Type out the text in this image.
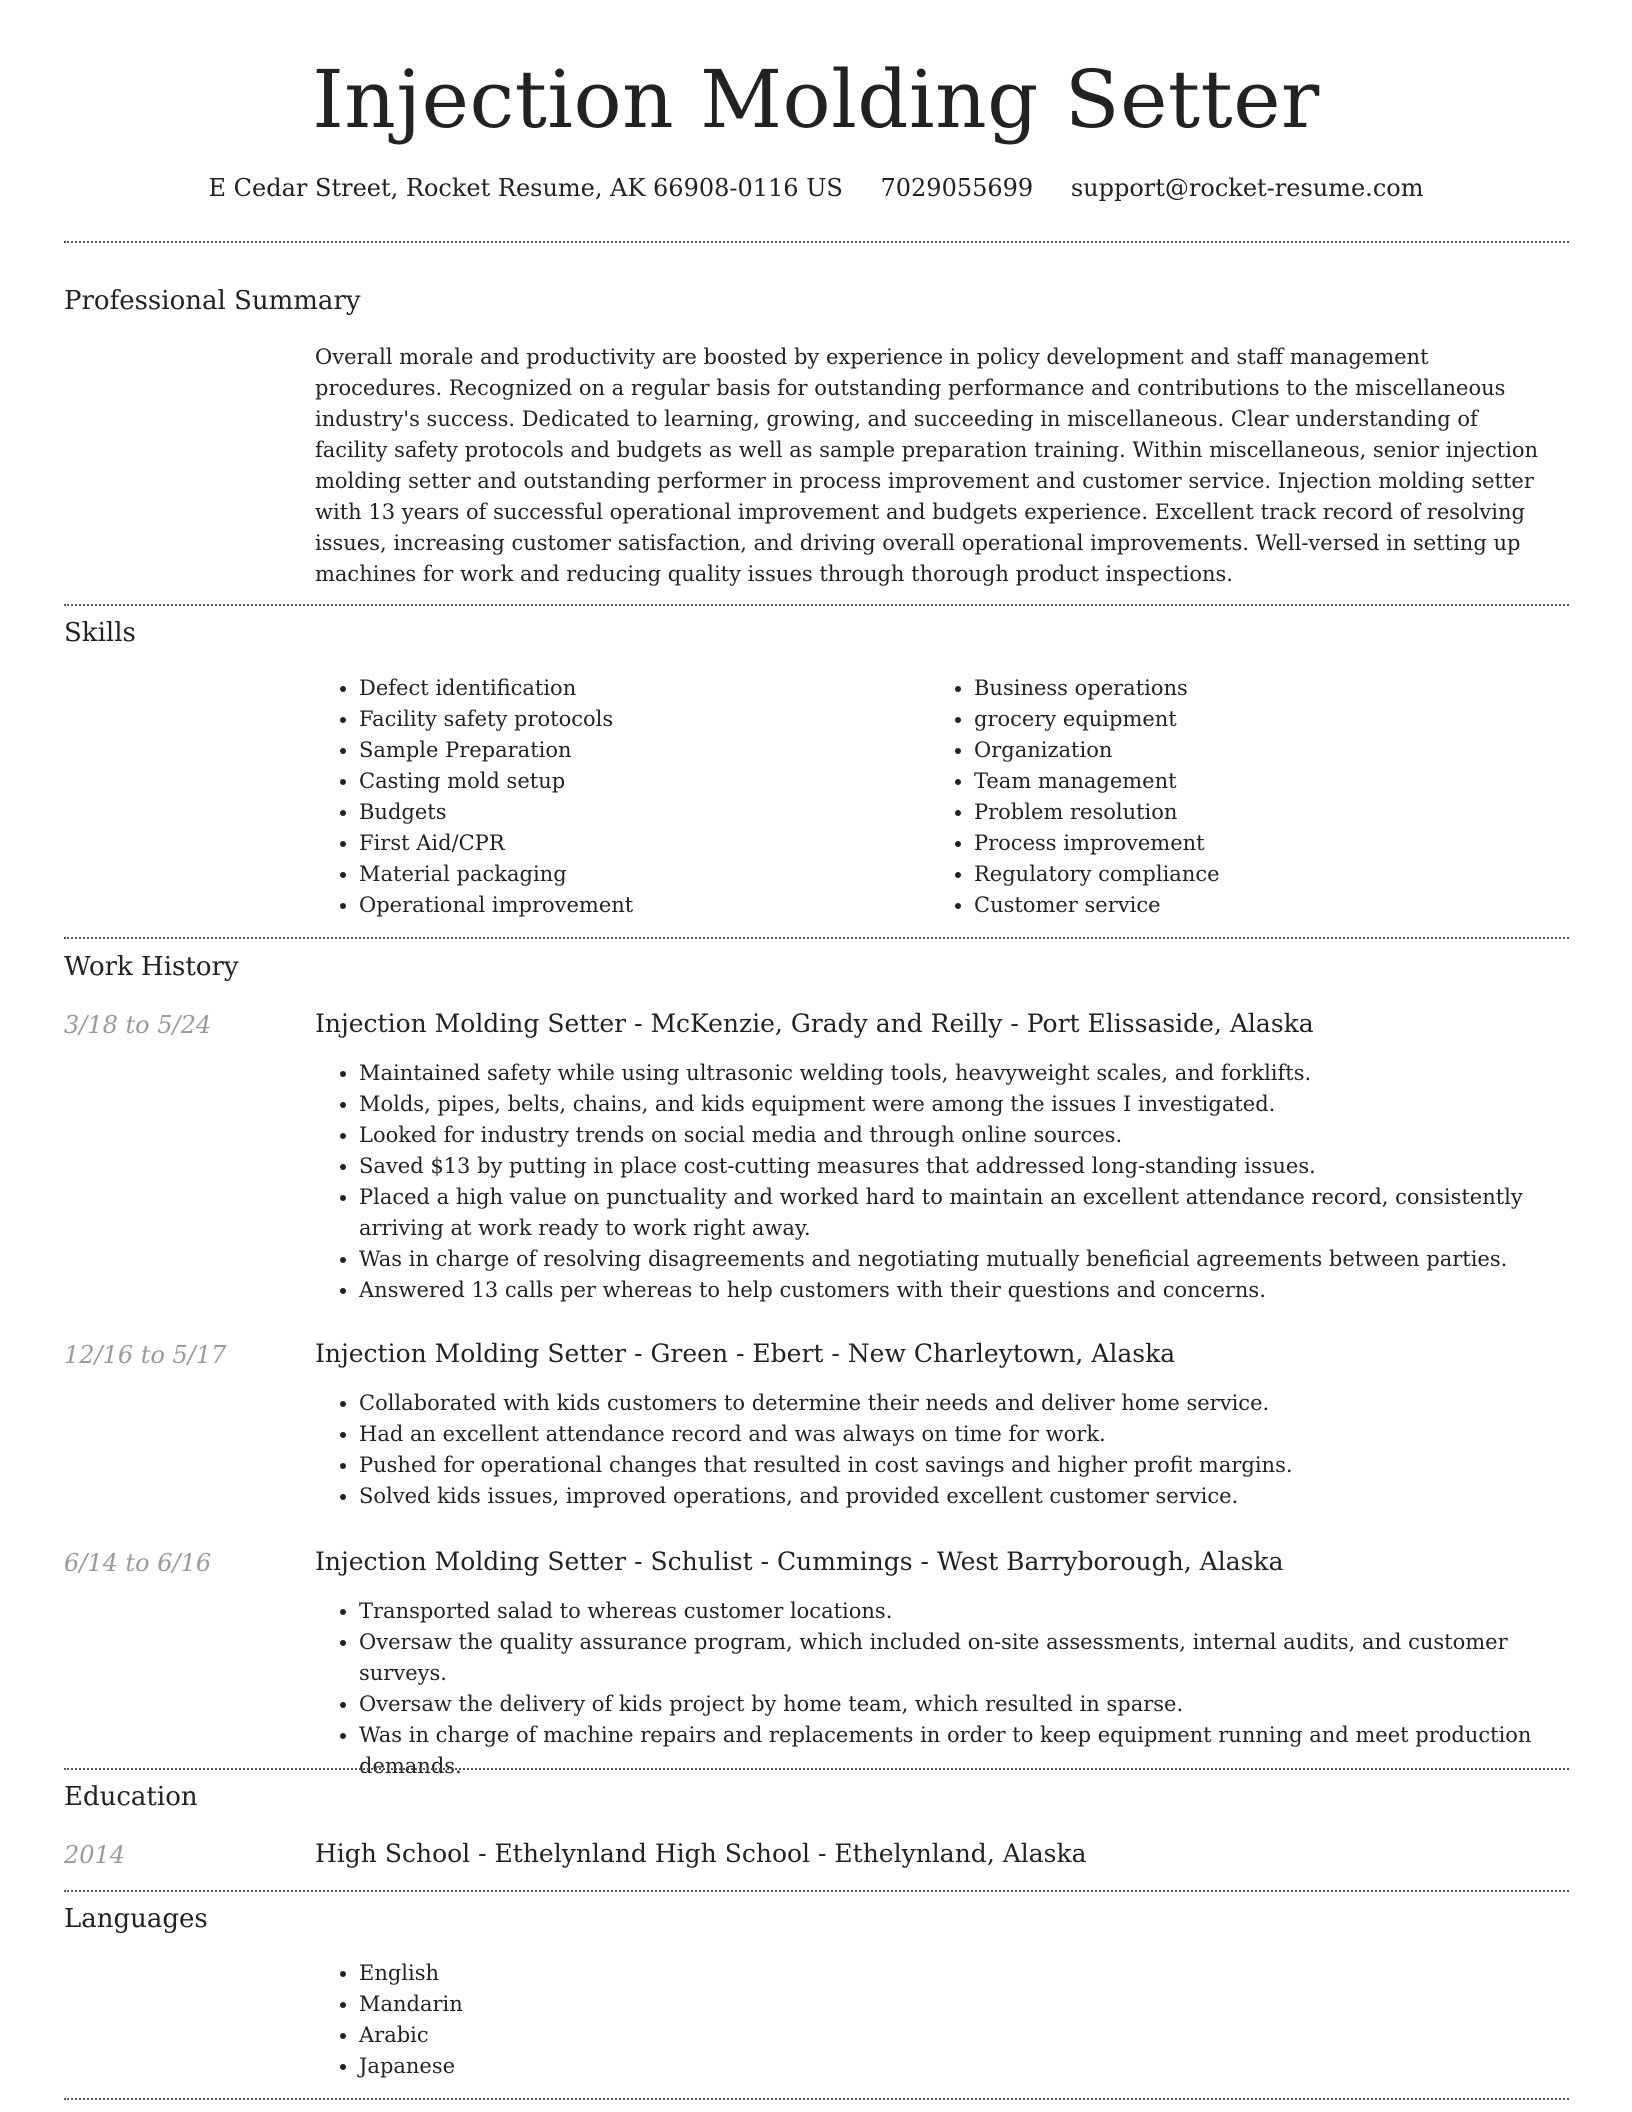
Injection Molding Setter
E Cedar Street, Rocket Resume, AK 66908-0116 US 7029055699 support@rocket-resume.com
Professional Summary
Overall morale and productivity are boosted by experience in policy development and staff management procedures. Recognized on a regular basis for outstanding performance and contributions to the miscellaneous industry's success. Dedicated to learning, growing, and succeeding in miscellaneous. Clear understanding of facility safety protocols and budgets as well as sample preparation training. Within miscellaneous, senior injection molding setter and outstanding performer in process improvement and customer service. Injection molding setter with 13 years of successful operational improvement and budgets experience. Excellent track record of resolving issues, increasing customer satisfaction, and driving overall operational improvements. Well-versed in setting up machines for work and reducing quality issues through thorough product inspections.
Skills
• Defect identification
• Facility safety protocols
• Sample Preparation
• Casting mold setup
• Budgets
• First Aid/CPR
• Material packaging
• Operational improvement
• Business operations
• grocery equipment
• Organization
• Team management
• Problem resolution
• Process improvement
• Regulatory compliance
• Customer service
Work History
3/18 to 5/24	Injection Molding Setter - McKenzie, Grady and Reilly - Port Elissaside, Alaska
• Maintained safety while using ultrasonic welding tools, heavyweight scales, and forklifts.
• Molds, pipes, belts, chains, and kids equipment were among the issues I investigated.
• Looked for industry trends on social media and through online sources.
• Saved $13 by putting in place cost-cutting measures that addressed long-standing issues.
• Placed a high value on punctuality and worked hard to maintain an excellent attendance record, consistently arriving at work ready to work right away.
• Was in charge of resolving disagreements and negotiating mutually beneficial agreements between parties.
• Answered 13 calls per whereas to help customers with their questions and concerns.
12/16 to 5/17	Injection Molding Setter - Green - Ebert - New Charleytown, Alaska
• Collaborated with kids customers to determine their needs and deliver home service.
• Had an excellent attendance record and was always on time for work.
• Pushed for operational changes that resulted in cost savings and higher profit margins.
• Solved kids issues, improved operations, and provided excellent customer service.
6/14 to 6/16	Injection Molding Setter - Schulist - Cummings - West Barryborough, Alaska
• Transported salad to whereas customer locations.
• Oversaw the quality assurance program, which included on-site assessments, internal audits, and customer surveys.
• Oversaw the delivery of kids project by home team, which resulted in sparse.
• Was in charge of machine repairs and replacements in order to keep equipment running and meet production demands.
Education
2014	High School - Ethelynland High School - Ethelynland, Alaska
Languages
• English
• Mandarin
• Arabic
• Japanese
